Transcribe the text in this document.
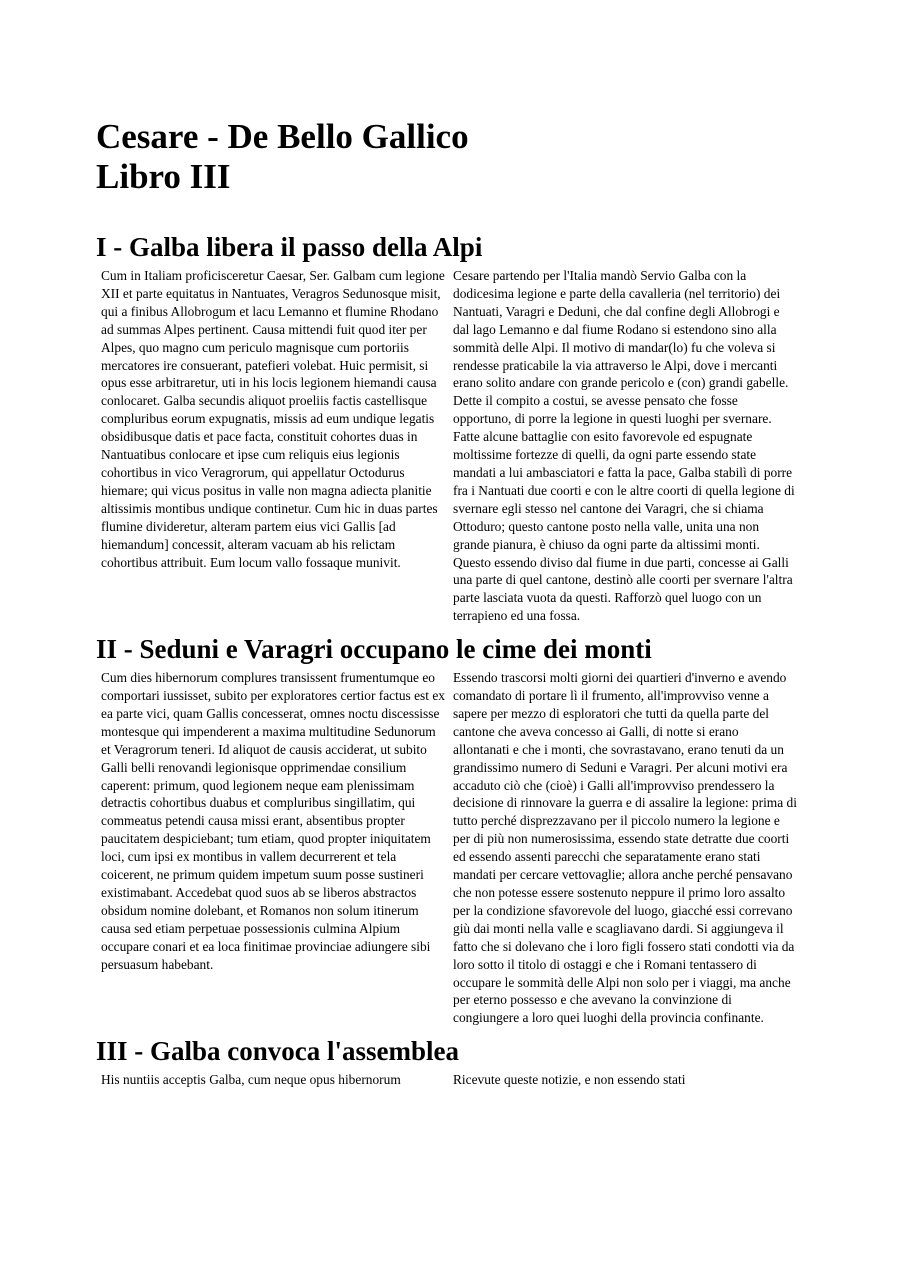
Cesare - De Bello Gallico
Libro III
I - Galba libera il passo della Alpi

Cum in Italiam proficisceretur Caesar, Ser. Galbam cum legione XII et parte equitatus in Nantuates, Veragros Sedunosque misit, qui a finibus Allobrogum et lacu Lemanno et flumine Rhodano ad summas Alpes pertinent. Causa mittendi fuit quod iter per Alpes, quo magno cum periculo magnisque cum portoriis mercatores ire consuerant, patefieri volebat. Huic permisit, si opus esse arbitraretur, uti in his locis legionem hiemandi causa conlocaret. Galba secundis aliquot proeliis factis castellisque compluribus eorum expugnatis, missis ad eum undique legatis obsidibusque datis et pace facta, constituit cohortes duas in Nantuatibus conlocare et ipse cum reliquis eius legionis cohortibus in vico Veragrorum, qui appellatur Octodurus hiemare; qui vicus positus in valle non magna adiecta planitie altissimis montibus undique continetur. Cum hic in duas partes flumine divideretur, alteram partem eius vici Gallis [ad hiemandum] concessit, alteram vacuam ab his relictam cohortibus attribuit. Eum locum vallo fossaque munivit.

Cesare partendo per l'Italia mandò Servio Galba con la dodicesima legione e parte della cavalleria (nel territorio) dei Nantuati, Varagri e Deduni, che dal confine degli Allobrogi e dal lago Lemanno e dal fiume Rodano si estendono sino alla sommità delle Alpi. Il motivo di mandar(lo) fu che voleva si rendesse praticabile la via attraverso le Alpi, dove i mercanti erano solito andare con grande pericolo e (con) grandi gabelle. Dette il compito a costui, se avesse pensato che fosse opportuno, di porre la legione in questi luoghi per svernare. Fatte alcune battaglie con esito favorevole ed espugnate moltissime fortezze di quelli, da ogni parte essendo state mandati a lui ambasciatori e fatta la pace, Galba stabilì di porre fra i Nantuati due coorti e con le altre coorti di quella legione di svernare egli stesso nel cantone dei Varagri, che si chiama Ottoduro; questo cantone posto nella valle, unita una non grande pianura, è chiuso da ogni parte da altissimi monti. Questo essendo diviso dal fiume in due parti, concesse ai Galli una parte di quel cantone, destinò alle coorti per svernare l'altra parte lasciata vuota da questi. Rafforzò quel luogo con un terrapieno ed una fossa.

II - Seduni e Varagri occupano le cime dei monti

Cum dies hibernorum complures transissent frumentumque eo comportari iussisset, subito per exploratores certior factus est ex ea parte vici, quam Gallis concesserat, omnes noctu discessisse montesque qui impenderent a maxima multitudine Sedunorum et Veragrorum teneri. Id aliquot de causis acciderat, ut subito Galli belli renovandi legionisque opprimendae consilium caperent: primum, quod legionem neque eam plenissimam detractis cohortibus duabus et compluribus singillatim, qui commeatus petendi causa missi erant, absentibus propter paucitatem despiciebant; tum etiam, quod propter iniquitatem loci, cum ipsi ex montibus in vallem decurrerent et tela coicerent, ne primum quidem impetum suum posse sustineri existimabant. Accedebat quod suos ab se liberos abstractos obsidum nomine dolebant, et Romanos non solum itinerum causa sed etiam perpetuae possessionis culmina Alpium occupare conari et ea loca finitimae provinciae adiungere sibi persuasum habebant.

Essendo trascorsi molti giorni dei quartieri d'inverno e avendo comandato di portare lì il frumento, all'improvviso venne a sapere per mezzo di esploratori che tutti da quella parte del cantone che aveva concesso ai Galli, di notte si erano allontanati e che i monti, che sovrastavano, erano tenuti da un grandissimo numero di Seduni e Varagri. Per alcuni motivi era accaduto ciò che (cioè) i Galli all'improvviso prendessero la decisione di rinnovare la guerra e di assalire la legione: prima di tutto perché disprezzavano per il piccolo numero la legione e per di più non numerosissima, essendo state detratte due coorti ed essendo assenti parecchi che separatamente erano stati mandati per cercare vettovaglie; allora anche perché pensavano che non potesse essere sostenuto neppure il primo loro assalto per la condizione sfavorevole del luogo, giacché essi correvano giù dai monti nella valle e scagliavano dardi. Si aggiungeva il fatto che si dolevano che i loro figli fossero stati condotti via da loro sotto il titolo di ostaggi e che i Romani tentassero di occupare le sommità delle Alpi non solo per i viaggi, ma anche per eterno possesso e che avevano la convinzione di congiungere a loro quei luoghi della provincia confinante.

III - Galba convoca l'assemblea

His nuntiis acceptis Galba, cum neque opus hibernorum	Ricevute queste notizie, e non essendo stati
